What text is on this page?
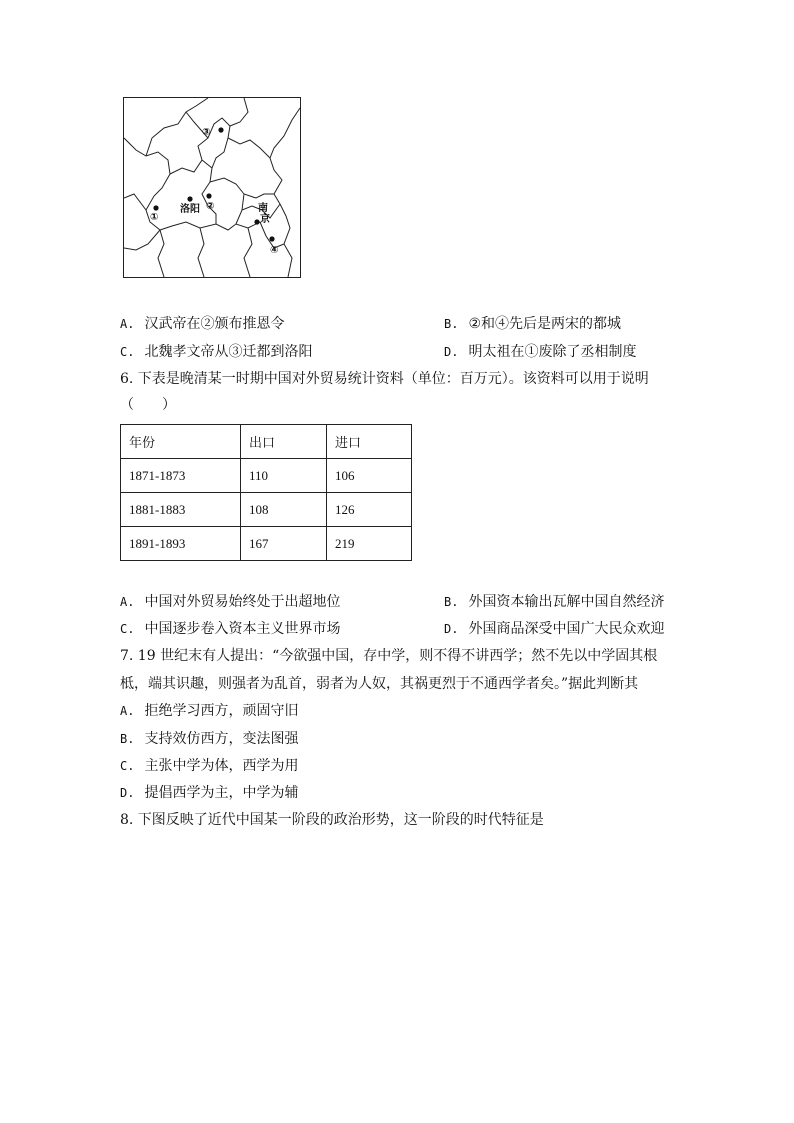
③
洛阳 ②
①
南
京
④
A. 汉武帝在②颁布推恩令	B. ②和④先后是两宋的都城
C. 北魏孝文帝从③迁都到洛阳	D. 明太祖在①废除了丞相制度
6. 下表是晚清某一时期中国对外贸易统计资料（单位：百万元）。该资料可以用于说明
（　　）
年份	出口	进口
1871-1873	110	106
1881-1883	108	126
1891-1893	167	219
A. 中国对外贸易始终处于出超地位	B. 外国资本输出瓦解中国自然经济
C. 中国逐步卷入资本主义世界市场	D. 外国商品深受中国广大民众欢迎
7. 19 世纪末有人提出：“今欲强中国，存中学，则不得不讲西学；然不先以中学固其根
柢，端其识趣，则强者为乱首，弱者为人奴，其祸更烈于不通西学者矣。”据此判断其
A. 拒绝学习西方，顽固守旧
B. 支持效仿西方，变法图强
C. 主张中学为体，西学为用
D. 提倡西学为主，中学为辅
8. 下图反映了近代中国某一阶段的政治形势，这一阶段的时代特征是
